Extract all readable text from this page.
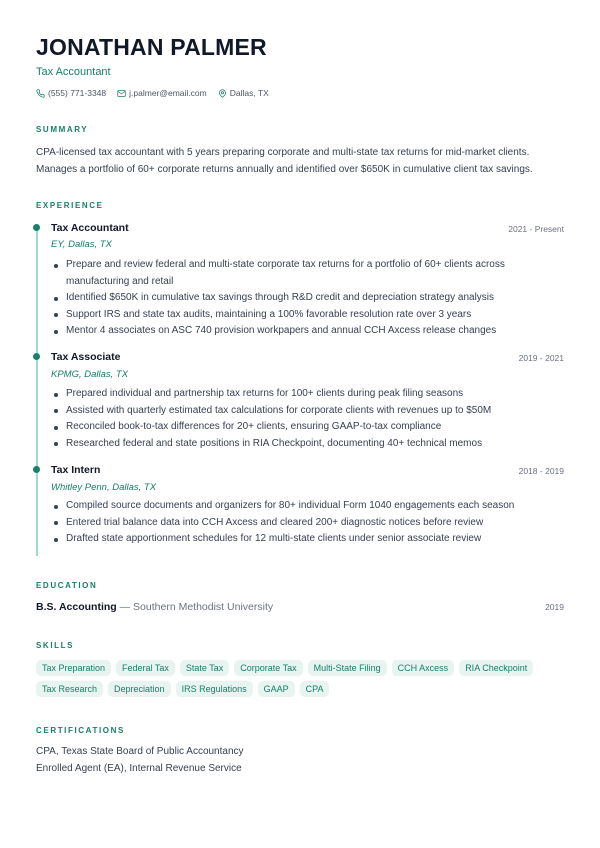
JONATHAN PALMER
Tax Accountant
(555) 771-3348	j.palmer@email.com	Dallas, TX
SUMMARY
CPA-licensed tax accountant with 5 years preparing corporate and multi-state tax returns for mid-market clients.
Manages a portfolio of 60+ corporate returns annually and identified over $650K in cumulative client tax savings.
EXPERIENCE
Tax Accountant	2021 - Present
EY, Dallas, TX
Prepare and review federal and multi-state corporate tax returns for a portfolio of 60+ clients across manufacturing and retail
Identified $650K in cumulative tax savings through R&D credit and depreciation strategy analysis
Support IRS and state tax audits, maintaining a 100% favorable resolution rate over 3 years
Mentor 4 associates on ASC 740 provision workpapers and annual CCH Axcess release changes
Tax Associate	2019 - 2021
KPMG, Dallas, TX
Prepared individual and partnership tax returns for 100+ clients during peak filing seasons
Assisted with quarterly estimated tax calculations for corporate clients with revenues up to $50M
Reconciled book-to-tax differences for 20+ clients, ensuring GAAP-to-tax compliance
Researched federal and state positions in RIA Checkpoint, documenting 40+ technical memos
Tax Intern	2018 - 2019
Whitley Penn, Dallas, TX
Compiled source documents and organizers for 80+ individual Form 1040 engagements each season
Entered trial balance data into CCH Axcess and cleared 200+ diagnostic notices before review
Drafted state apportionment schedules for 12 multi-state clients under senior associate review
EDUCATION
B.S. Accounting — Southern Methodist University	2019
SKILLS
Tax Preparation	Federal Tax	State Tax	Corporate Tax	Multi-State Filing	CCH Axcess	RIA Checkpoint
Tax Research	Depreciation	IRS Regulations	GAAP	CPA
CERTIFICATIONS
CPA, Texas State Board of Public Accountancy
Enrolled Agent (EA), Internal Revenue Service
